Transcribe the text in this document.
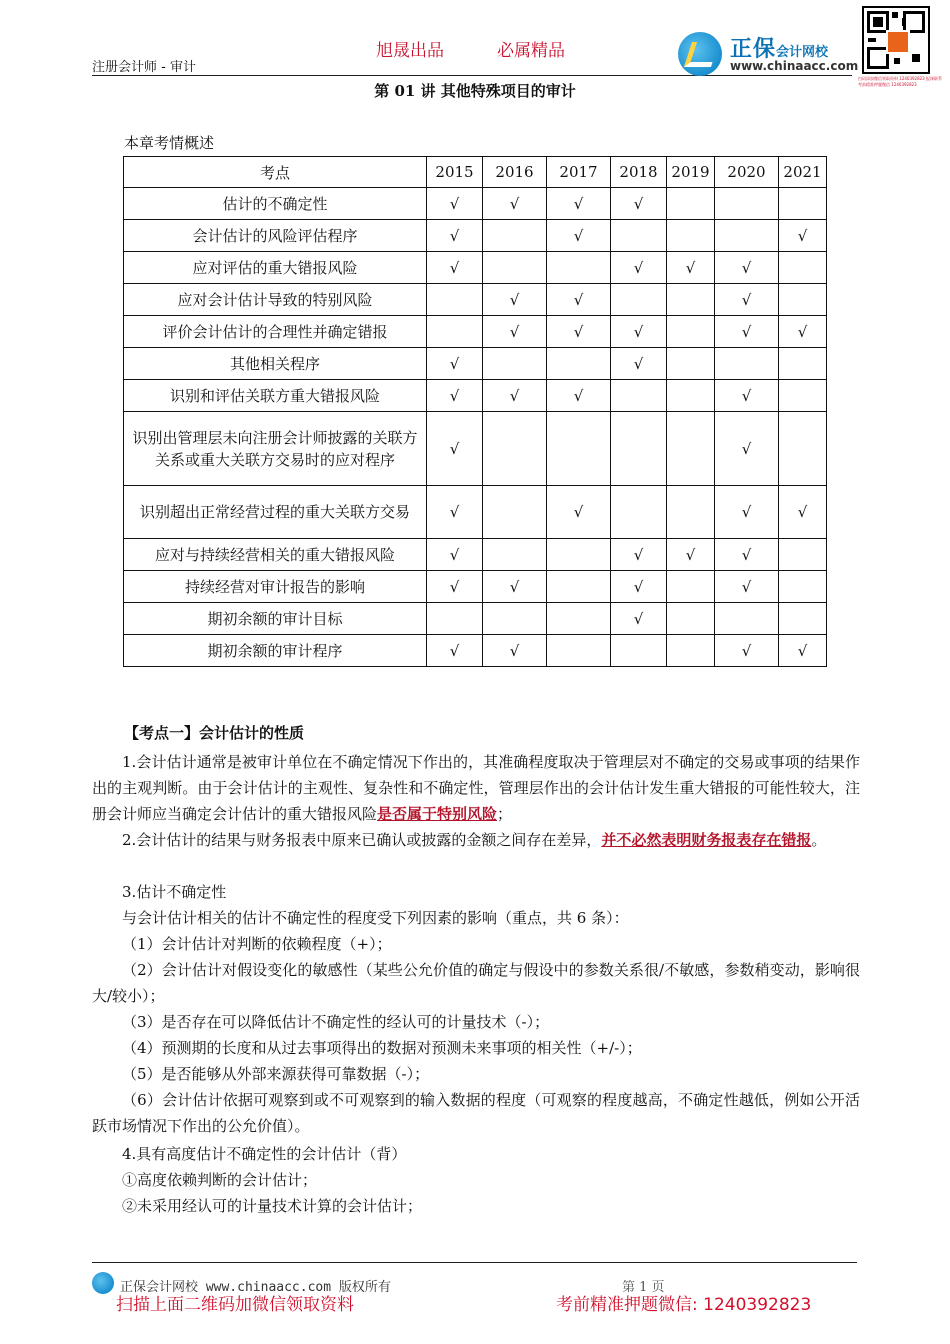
旭晟出品	必属精品
注册会计师 - 审计
正保会计网校
www.chinaacc.com
扫码添加微信领取资料 1240392823 报课联系 考前精准押题微信 1240392823
第 01 讲 其他特殊项目的审计
本章考情概述
考点	2015	2016	2017	2018	2019	2020	2021
估计的不确定性	√	√	√	√			
会计估计的风险评估程序	√		√				√
应对评估的重大错报风险	√			√	√	√	
应对会计估计导致的特别风险		√	√			√	
评价会计估计的合理性并确定错报		√	√	√		√	√
其他相关程序	√			√			
识别和评估关联方重大错报风险	√	√	√			√	
识别出管理层未向注册会计师披露的关联方关系或重大关联方交易时的应对程序	√					√	
识别超出正常经营过程的重大关联方交易	√		√			√	√
应对与持续经营相关的重大错报风险	√			√	√	√	
持续经营对审计报告的影响	√	√		√		√	
期初余额的审计目标				√			
期初余额的审计程序	√	√				√	√
【考点一】会计估计的性质
1.会计估计通常是被审计单位在不确定情况下作出的，其准确程度取决于管理层对不确定的交易或事项的结果作出的主观判断。由于会计估计的主观性、复杂性和不确定性，管理层作出的会计估计发生重大错报的可能性较大，注册会计师应当确定会计估计的重大错报风险是否属于特别风险；
2.会计估计的结果与财务报表中原来已确认或披露的金额之间存在差异，并不必然表明财务报表存在错报。
3.估计不确定性
与会计估计相关的估计不确定性的程度受下列因素的影响（重点，共 6 条）：
（1）会计估计对判断的依赖程度（+）；
（2）会计估计对假设变化的敏感性（某些公允价值的确定与假设中的参数关系很/不敏感，参数稍变动，影响很大/较小）；
（3）是否存在可以降低估计不确定性的经认可的计量技术（-）；
（4）预测期的长度和从过去事项得出的数据对预测未来事项的相关性（+/-）；
（5）是否能够从外部来源获得可靠数据（-）；
（6）会计估计依据可观察到或不可观察到的输入数据的程度（可观察的程度越高，不确定性越低，例如公开活跃市场情况下作出的公允价值）。
4.具有高度估计不确定性的会计估计（背）
①高度依赖判断的会计估计；
②未采用经认可的计量技术计算的会计估计；
正保会计网校 www.chinaacc.com 版权所有	第 1 页
扫描上面二维码加微信领取资料	考前精准押题微信: 1240392823
